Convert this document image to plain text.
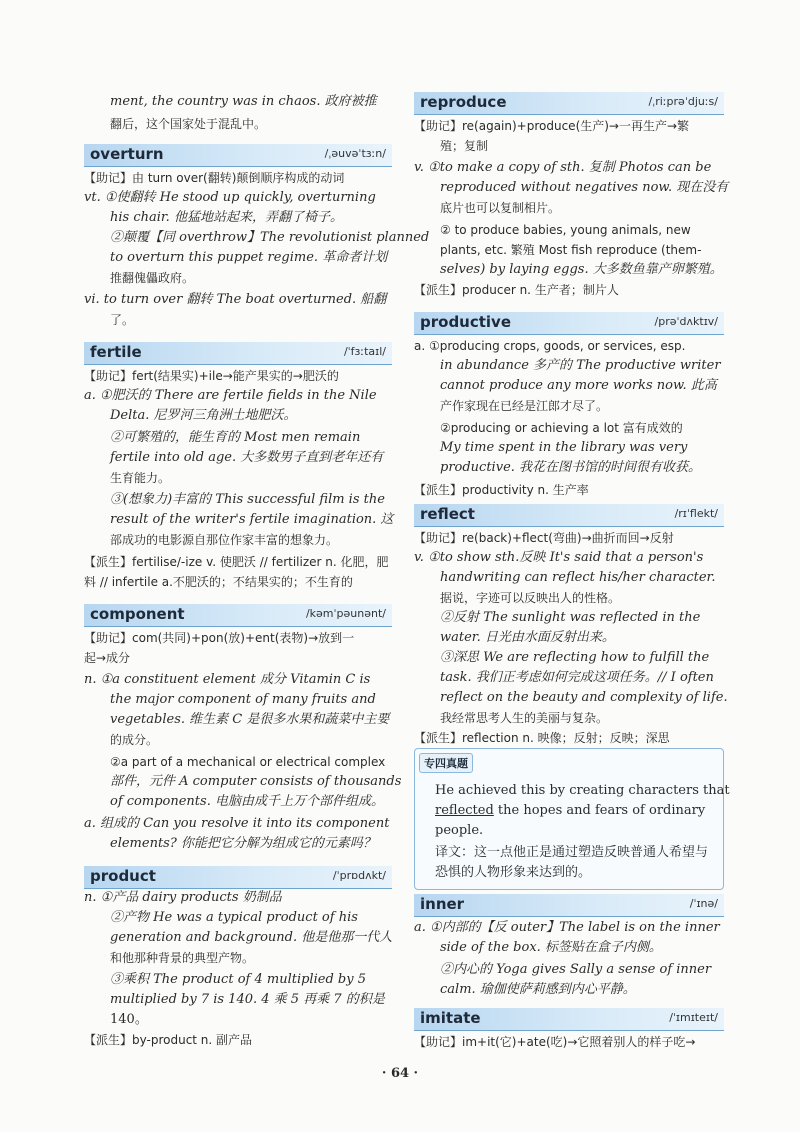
ment, the country was in chaos. 政府被推
翻后，这个国家处于混乱中。
overturn	/ˌəuvəˈtɜːn/
【助记】由 turn over(翻转)颠倒顺序构成的动词
vt. ①使翻转 He stood up quickly, overturning
his chair. 他猛地站起来，弄翻了椅子。
②颠覆【同 overthrow】The revolutionist planned
to overturn this puppet regime. 革命者计划
推翻傀儡政府。
vi. to turn over 翻转 The boat overturned. 船翻
了。
fertile	/ˈfɜːtaɪl/
【助记】fert(结果实)+ile→能产果实的→肥沃的
a. ①肥沃的 There are fertile fields in the Nile
Delta. 尼罗河三角洲土地肥沃。
②可繁殖的，能生育的 Most men remain
fertile into old age. 大多数男子直到老年还有
生育能力。
③(想象力)丰富的 This successful film is the
result of the writer's fertile imagination. 这
部成功的电影源自那位作家丰富的想象力。
【派生】fertilise/-ize v. 使肥沃 // fertilizer n. 化肥，肥
料 // infertile a.不肥沃的；不结果实的；不生育的
component	/kəmˈpəunənt/
【助记】com(共同)+pon(放)+ent(表物)→放到一
起→成分
n. ①a constituent element 成分 Vitamin C is
the major component of many fruits and
vegetables. 维生素 C 是很多水果和蔬菜中主要
的成分。
②a part of a mechanical or electrical complex
部件，元件 A computer consists of thousands
of components. 电脑由成千上万个部件组成。
a. 组成的 Can you resolve it into its component
elements? 你能把它分解为组成它的元素吗？
product	/ˈprɒdʌkt/
n. ①产品 dairy products 奶制品
②产物 He was a typical product of his
generation and background. 他是他那一代人
和他那种背景的典型产物。
③乘积 The product of 4 multiplied by 5
multiplied by 7 is 140. 4 乘 5 再乘 7 的积是
140。
【派生】by-product n. 副产品
reproduce	/ˌriːprəˈdjuːs/
【助记】re(again)+produce(生产)→一再生产→繁
殖；复制
v. ①to make a copy of sth. 复制 Photos can be
reproduced without negatives now. 现在没有
底片也可以复制相片。
② to produce babies, young animals, new
plants, etc. 繁殖 Most fish reproduce (them-
selves) by laying eggs. 大多数鱼靠产卵繁殖。
【派生】producer n. 生产者；制片人
productive	/prəˈdʌktɪv/
a. ①producing crops, goods, or services, esp.
in abundance 多产的 The productive writer
cannot produce any more works now. 此高
产作家现在已经是江郎才尽了。
②producing or achieving a lot 富有成效的
My time spent in the library was very
productive. 我花在图书馆的时间很有收获。
【派生】productivity n. 生产率
reflect	/rɪˈflekt/
【助记】re(back)+flect(弯曲)→曲折而回→反射
v. ①to show sth.反映 It's said that a person's
handwriting can reflect his/her character.
据说，字迹可以反映出人的性格。
②反射 The sunlight was reflected in the
water. 日光由水面反射出来。
③深思 We are reflecting how to fulfill the
task. 我们正考虑如何完成这项任务。// I often
reflect on the beauty and complexity of life.
我经常思考人生的美丽与复杂。
【派生】reflection n. 映像；反射；反映；深思
专四真题
He achieved this by creating characters that
reflected the hopes and fears of ordinary
people.
译文：这一点他正是通过塑造反映普通人希望与
恐惧的人物形象来达到的。
inner	/ˈɪnə/
a. ①内部的【反 outer】The label is on the inner
side of the box. 标签贴在盒子内侧。
②内心的 Yoga gives Sally a sense of inner
calm. 瑜伽使萨莉感到内心平静。
imitate	/ˈɪmɪteɪt/
【助记】im+it(它)+ate(吃)→它照着别人的样子吃→
· 64 ·
